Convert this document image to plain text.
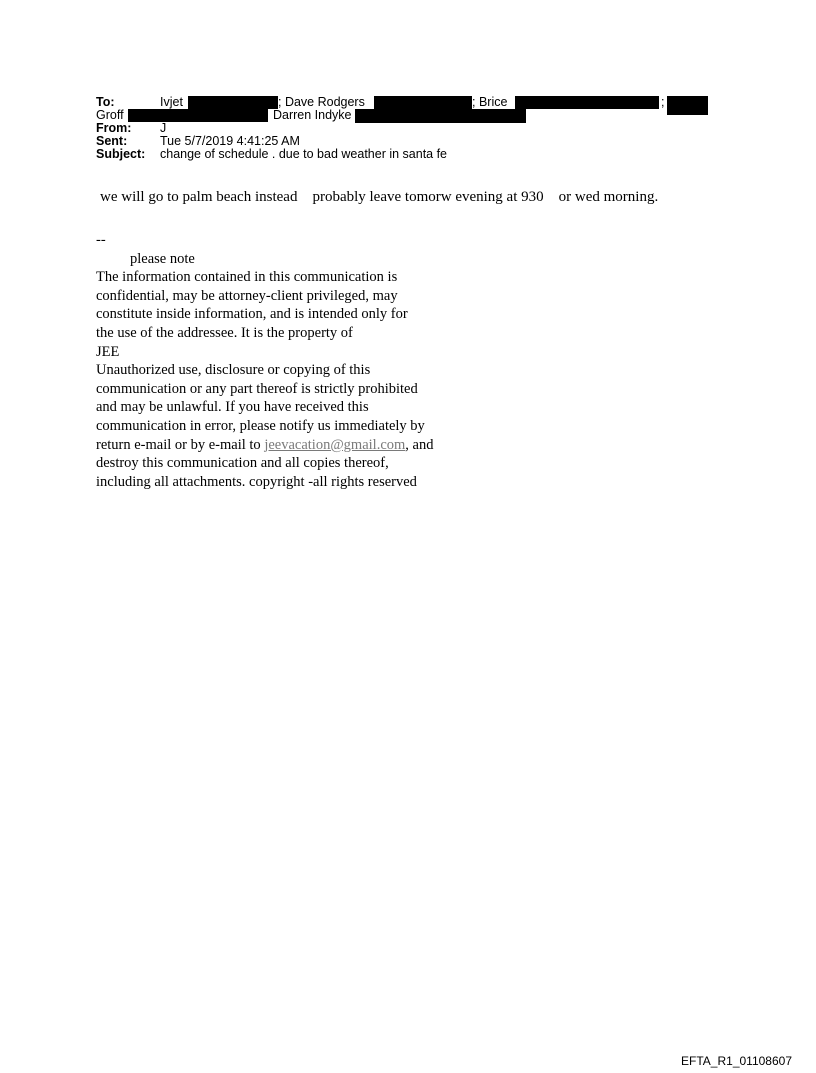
To:	Ivjet	; Dave Rodgers	; Brice	;
Groff	Darren Indyke
From: J
Sent:	Tue 5/7/2019 4:41:25 AM
Subject: change of schedule . due to bad weather in santa fe
we will go to palm beach instead    probably leave tomorw evening at 930    or wed morning.
--
please note
The information contained in this communication is
confidential, may be attorney-client privileged, may
constitute inside information, and is intended only for
the use of the addressee. It is the property of
JEE
Unauthorized use, disclosure or copying of this
communication or any part thereof is strictly prohibited
and may be unlawful. If you have received this
communication in error, please notify us immediately by
return e-mail or by e-mail to jeevacation@gmail.com, and
destroy this communication and all copies thereof,
including all attachments. copyright -all rights reserved
EFTA_R1_01108607
